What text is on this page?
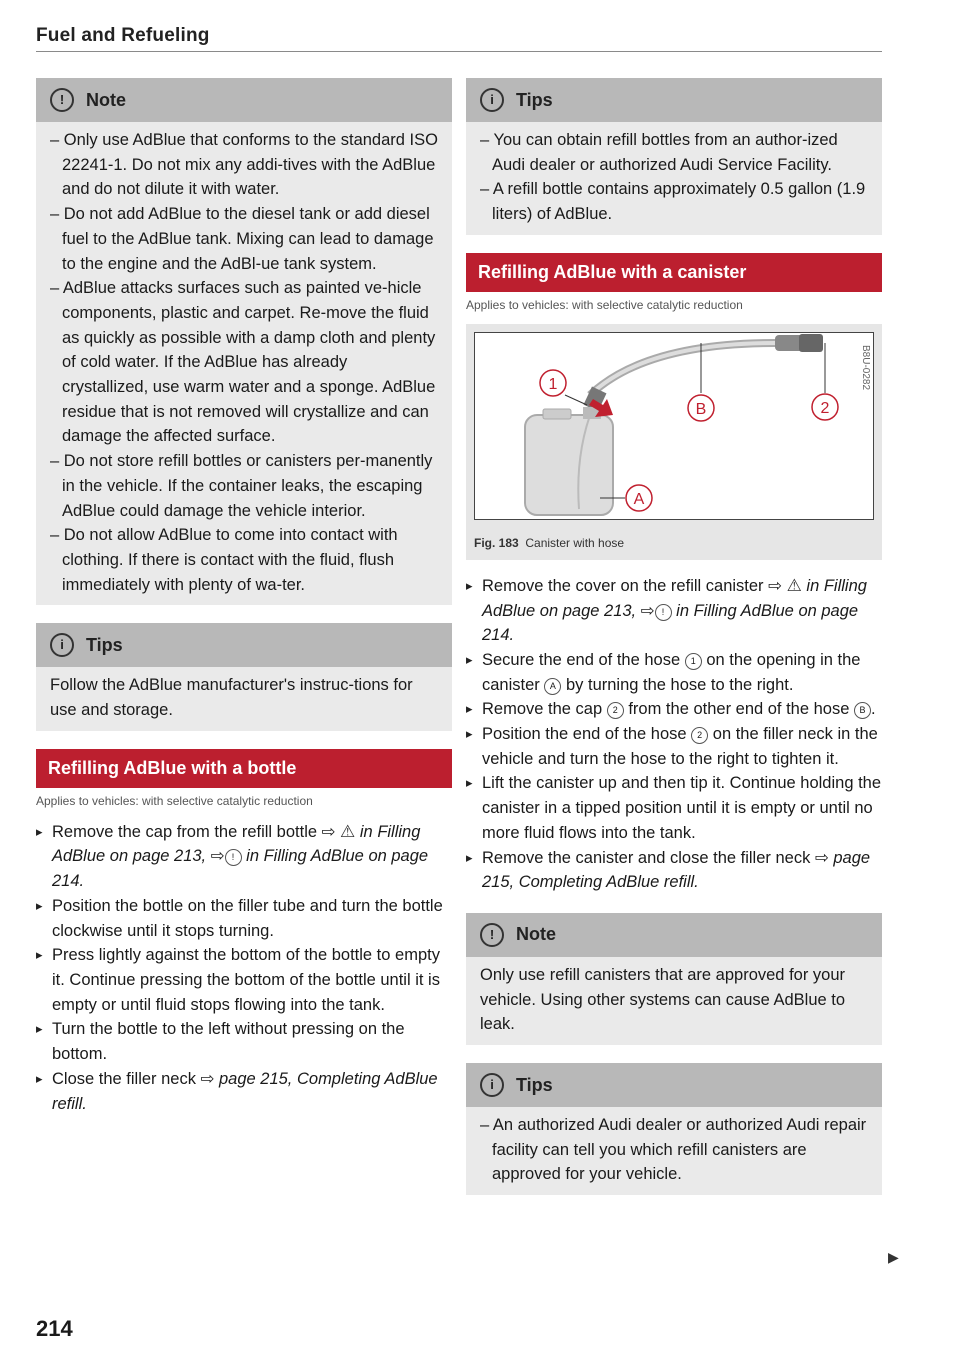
Fuel and Refueling
!	Note
– Only use AdBlue that conforms to the standard ISO 22241-1. Do not mix any addi-tives with the AdBlue and do not dilute it with water.
– Do not add AdBlue to the diesel tank or add diesel fuel to the AdBlue tank. Mixing can lead to damage to the engine and the AdBl-ue tank system.
– AdBlue attacks surfaces such as painted ve-hicle components, plastic and carpet. Re-move the fluid as quickly as possible with a damp cloth and plenty of cold water. If the AdBlue has already crystallized, use warm water and a sponge. AdBlue residue that is not removed will crystallize and can damage the affected surface.
– Do not store refill bottles or canisters per-manently in the vehicle. If the container leaks, the escaping AdBlue could damage the vehicle interior.
– Do not allow AdBlue to come into contact with clothing. If there is contact with the fluid, flush immediately with plenty of wa-ter.
i	Tips
Follow the AdBlue manufacturer's instruc-tions for use and storage.
Refilling AdBlue with a bottle
Applies to vehicles: with selective catalytic reduction
▸ Remove the cap from the refill bottle ⇨ ⚠ in Filling AdBlue on page 213, ⇨ ! in Filling AdBlue on page 214.
▸ Position the bottle on the filler tube and turn the bottle clockwise until it stops turning.
▸ Press lightly against the bottom of the bottle to empty it. Continue pressing the bottom of the bottle until it is empty or until fluid stops flowing into the tank.
▸ Turn the bottle to the left without pressing on the bottom.
▸ Close the filler neck ⇨ page 215, Completing AdBlue refill.
i	Tips
– You can obtain refill bottles from an author-ized Audi dealer or authorized Audi Service Facility.
– A refill bottle contains approximately 0.5 gallon (1.9 liters) of AdBlue.
Refilling AdBlue with a canister
Applies to vehicles: with selective catalytic reduction
1
B	2
A
B8U-0282
Fig. 183 Canister with hose
▸ Remove the cover on the refill canister ⇨ ⚠ in Filling AdBlue on page 213, ⇨ ! in Filling AdBlue on page 214.
▸ Secure the end of the hose 1 on the opening in the canister A by turning the hose to the right.
▸ Remove the cap 2 from the other end of the hose B .
▸ Position the end of the hose 2 on the filler neck in the vehicle and turn the hose to the right to tighten it.
▸ Lift the canister up and then tip it. Continue holding the canister in a tipped position until it is empty or until no more fluid flows into the tank.
▸ Remove the canister and close the filler neck ⇨ page 215, Completing AdBlue refill.
!	Note
Only use refill canisters that are approved for your vehicle. Using other systems can cause AdBlue to leak.
i	Tips
– An authorized Audi dealer or authorized Audi repair facility can tell you which refill canisters are approved for your vehicle.
▶
214
